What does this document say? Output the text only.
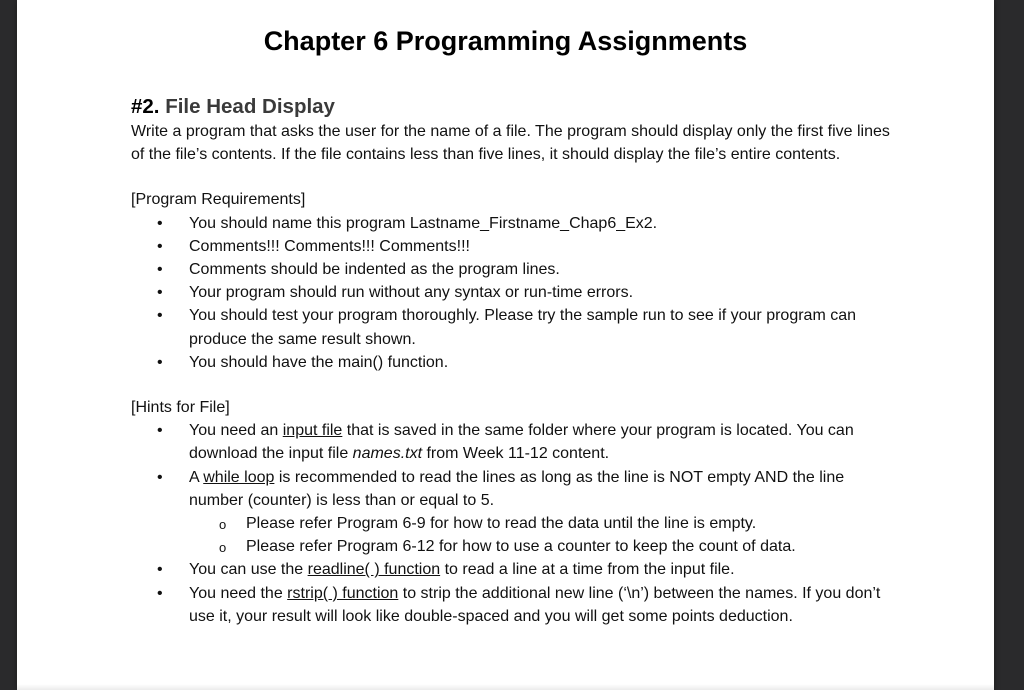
Chapter 6 Programming Assignments
#2. File Head Display

Write a program that asks the user for the name of a file. The program should display only the first five lines of the file’s contents. If the file contains less than five lines, it should display the file’s entire contents.

[Program Requirements]

• You should name this program Lastname_Firstname_Chap6_Ex2.
• Comments!!! Comments!!! Comments!!!
• Comments should be indented as the program lines.
• Your program should run without any syntax or run-time errors.
• You should test your program thoroughly. Please try the sample run to see if your program can produce the same result shown.
• You should have the main() function.

[Hints for File]

• You need an input file that is saved in the same folder where your program is located. You can download the input file names.txt from Week 11-12 content.
• A while loop is recommended to read the lines as long as the line is NOT empty AND the line number (counter) is less than or equal to 5.
o Please refer Program 6-9 for how to read the data until the line is empty.
o Please refer Program 6-12 for how to use a counter to keep the count of data.
• You can use the readline( ) function to read a line at a time from the input file.
• You need the rstrip( ) function to strip the additional new line (‘\n’) between the names. If you don’t use it, your result will look like double-spaced and you will get some points deduction.
